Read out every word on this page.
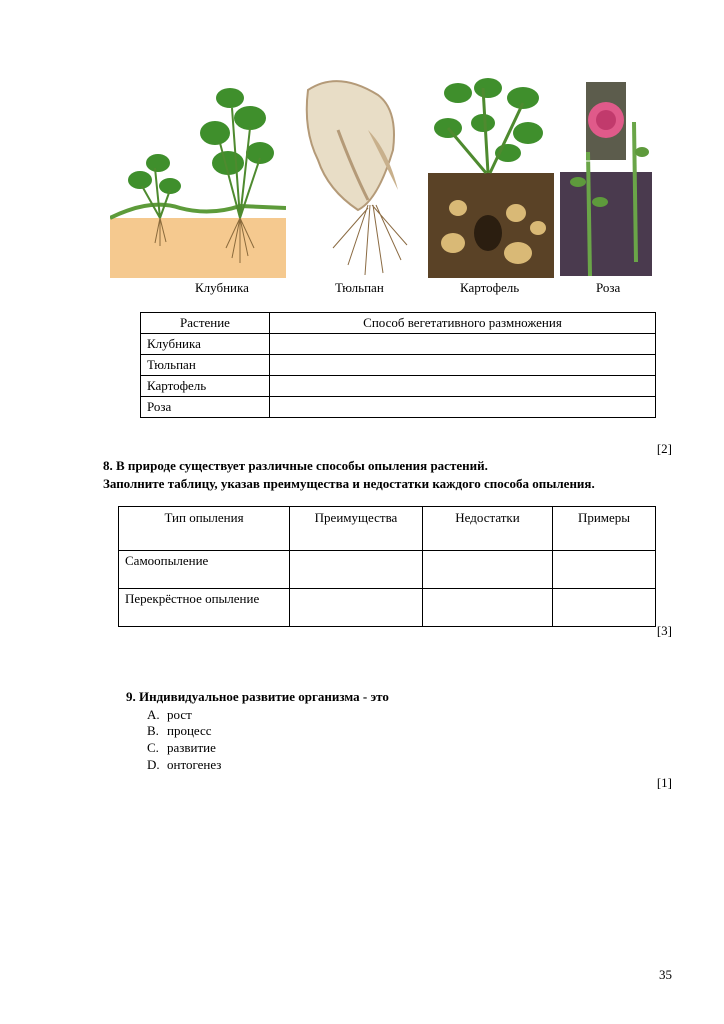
Клубника	Тюльпан	Картофель	Роза
Растение	Способ вегетативного размножения
Клубника	
Тюльпан	
Картофель	
Роза	
[2]
8. В природе существует различные способы опыления растений.
Заполните таблицу, указав преимущества и недостатки каждого способа опыления.
Тип опыления	Преимущества	Недостатки	Примеры
Самоопыление			
Перекрёстное опыление			
[3]
9. Индивидуальное развитие организма - это
A. рост
B. процесс
C. развитие
D. онтогенез
[1]
35
